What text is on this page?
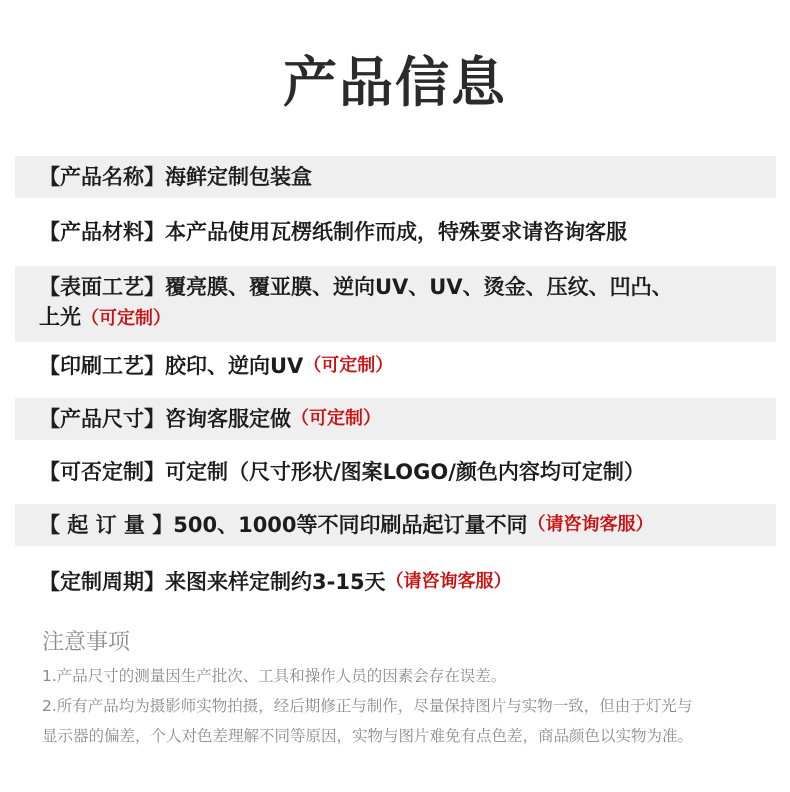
产品信息
【产品名称】 海鲜定制包装盒
【产品材料】 本产品使用瓦楞纸制作而成，特殊要求请咨询客服
【表面工艺】覆亮膜、覆亚膜、逆向UV、UV、烫金、压纹、凹凸、
上光（可定制）
【印刷工艺】 胶印、逆向UV （可定制）
【产品尺寸】 咨询客服定做 （可定制）
【可否定制】 可定制（尺寸形状/图案LOGO/颜色内容均可定制）
【 起 订 量 】 500、1000等不同印刷品起订量不同 （请咨询客服）
【定制周期】 来图来样定制约3-15天 （请咨询客服）
注意事项
1.产品尺寸的测量因生产批次、工具和操作人员的因素会存在误差。
2.所有产品均为摄影师实物拍摄，经后期修正与制作，尽量保持图片与实物一致，但由于灯光与
显示器的偏差，个人对色差理解不同等原因，实物与图片难免有点色差，商品颜色以实物为准。
